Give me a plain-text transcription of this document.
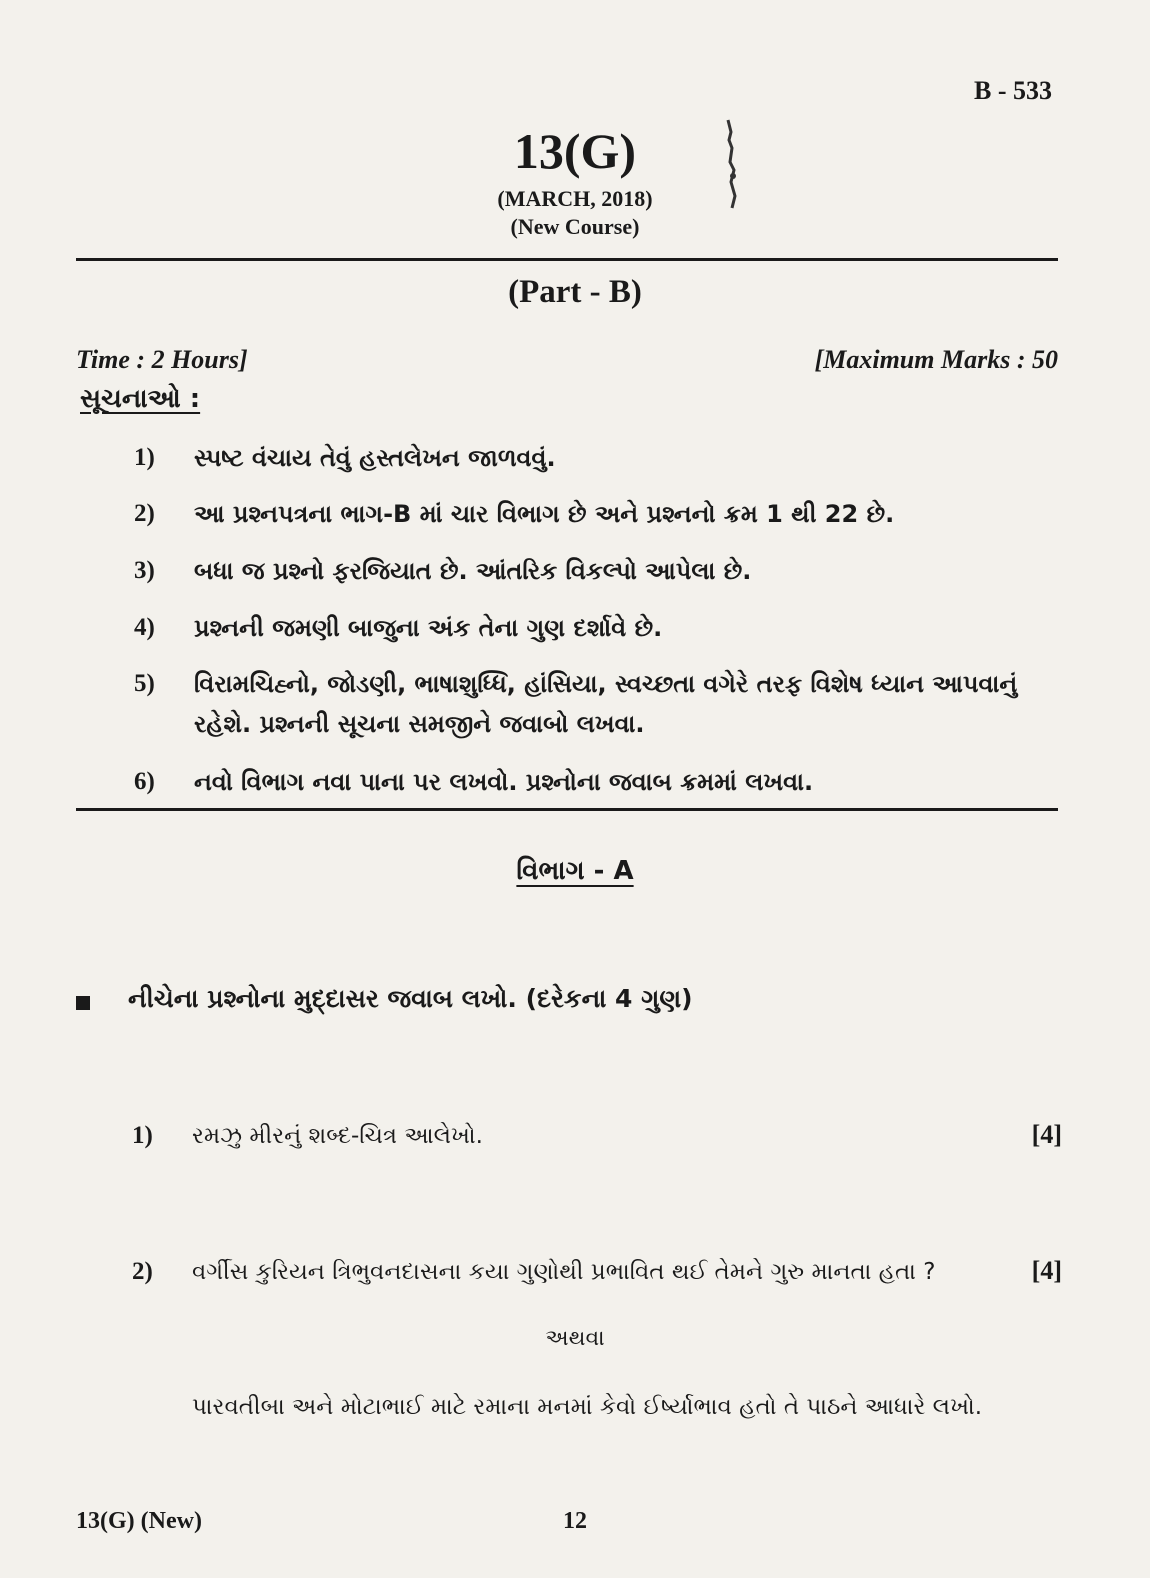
B - 533
13(G)
(MARCH, 2018)
(New Course)
(Part - B)
Time : 2 Hours]	[Maximum Marks : 50
સૂચનાઓ :
1)	સ્પષ્ટ વંચાય તેવું હસ્તલેખન જાળવવું.
2)	આ પ્રશ્નપત્રના ભાગ-B માં ચાર વિભાગ છે અને પ્રશ્નનો ક્રમ 1 થી 22 છે.
3)	બધા જ પ્રશ્નો ફરજિયાત છે. આંતરિક વિકલ્પો આપેલા છે.
4)	પ્રશ્નની જમણી બાજુના અંક તેના ગુણ દર્શાવે છે.
5)	વિરામચિહ્નો, જોડણી, ભાષાશુધ્ધિ, હાંસિયા, સ્વચ્છતા વગેરે તરફ વિશેષ ધ્યાન આપવાનું રહેશે. પ્રશ્નની સૂચના સમજીને જવાબો લખવા.
6)	નવો વિભાગ નવા પાના પર લખવો. પ્રશ્નોના જવાબ ક્રમમાં લખવા.
વિભાગ - A
નીચેના પ્રશ્નોના મુદ્દાસર જવાબ લખો. (દરેકના 4 ગુણ)
1)	રમઝુ મીરનું શબ્દ-ચિત્ર આલેખો.	[4]
2)	વર્ગીસ કુરિયન ત્રિભુવનદાસના કયા ગુણોથી પ્રભાવિત થઈ તેમને ગુરુ માનતા હતા ?	[4]
અથવા
પારવતીબા અને મોટાભાઈ માટે રમાના મનમાં કેવો ઈર્ષ્યાભાવ હતો તે પાઠને આધારે લખો.
13(G) (New)	12
